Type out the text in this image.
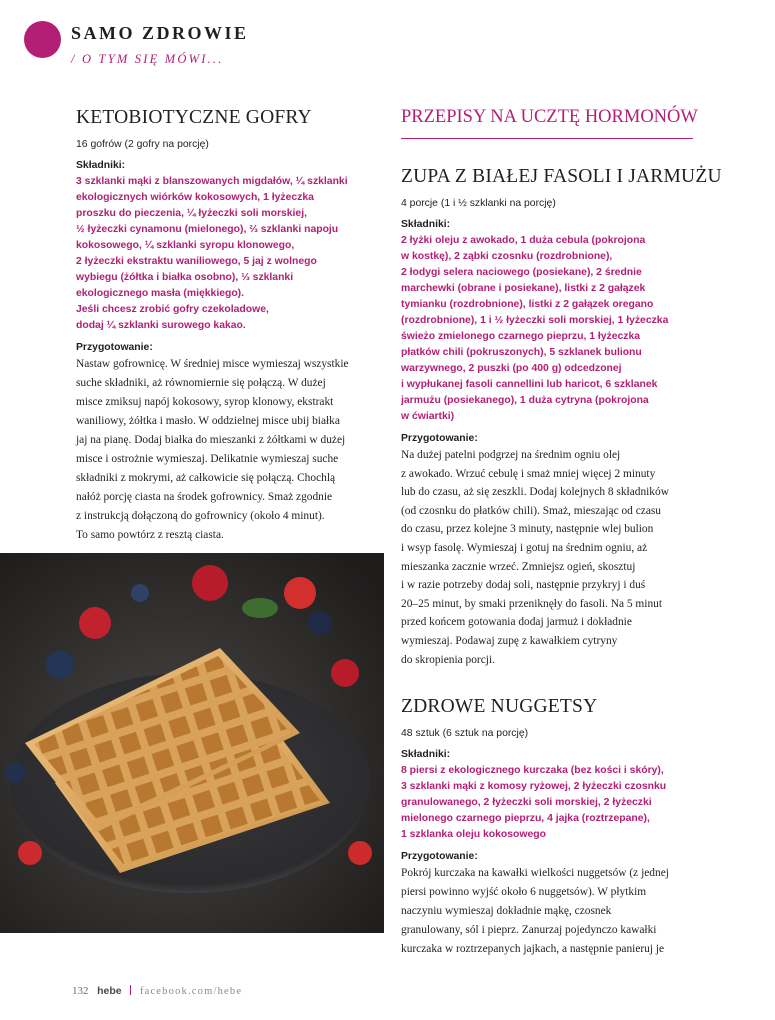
SAMO ZDROWIE
/ O TYM SIĘ MÓWI...
KETOBIOTYCZNE GOFRY
16 gofrów (2 gofry na porcję)
Składniki:
3 szklanki mąki z blanszowanych migdałów, ¼ szklanki
ekologicznych wiórków kokosowych, 1 łyżeczka
proszku do pieczenia, ¼ łyżeczki soli morskiej,
½ łyżeczki cynamonu (mielonego), ⅔ szklanki napoju
kokosowego, ¼ szklanki syropu klonowego,
2 łyżeczki ekstraktu waniliowego, 5 jaj z wolnego
wybiegu (żółtka i białka osobno), ⅓ szklanki
ekologicznego masła (miękkiego).
Jeśli chcesz zrobić gofry czekoladowe,
dodaj ¼ szklanki surowego kakao.
Przygotowanie:

Nastaw gofrownicę. W średniej misce wymieszaj wszystkie

suche składniki, aż równomiernie się połączą. W dużej

misce zmiksuj napój kokosowy, syrop klonowy, ekstrakt

waniliowy, żółtka i masło. W oddzielnej misce ubij białka

jaj na pianę. Dodaj białka do mieszanki z żółtkami w dużej

misce i ostrożnie wymieszaj. Delikatnie wymieszaj suche

składniki z mokrymi, aż całkowicie się połączą. Chochlą

nałóż porcję ciasta na środek gofrownicy. Smaż zgodnie

z instrukcją dołączoną do gofrownicy (około 4 minut).

To samo powtórz z resztą ciasta.

PRZEPISY NA UCZTĘ HORMONÓW
ZUPA Z BIAŁEJ FASOLI I JARMUŻU
4 porcje (1 i ½ szklanki na porcję)
Składniki:
2 łyżki oleju z awokado, 1 duża cebula (pokrojona
w kostkę), 2 ząbki czosnku (rozdrobnione),
2 łodygi selera naciowego (posiekane), 2 średnie
marchewki (obrane i posiekane), listki z 2 gałązek
tymianku (rozdrobnione), listki z 2 gałązek oregano
(rozdrobnione), 1 i ½ łyżeczki soli morskiej, 1 łyżeczka
świeżo zmielonego czarnego pieprzu, 1 łyżeczka
płatków chili (pokruszonych), 5 szklanek bulionu
warzywnego, 2 puszki (po 400 g) odcedzonej
i wypłukanej fasoli cannellini lub haricot, 6 szklanek
jarmużu (posiekanego), 1 duża cytryna (pokrojona
w ćwiartki)
Przygotowanie:

Na dużej patelni podgrzej na średnim ogniu olej

z awokado. Wrzuć cebulę i smaż mniej więcej 2 minuty

lub do czasu, aż się zeszkli. Dodaj kolejnych 8 składników

(od czosnku do płatków chili). Smaż, mieszając od czasu

do czasu, przez kolejne 3 minuty, następnie wlej bulion

i wsyp fasolę. Wymieszaj i gotuj na średnim ogniu, aż

mieszanka zacznie wrzeć. Zmniejsz ogień, skosztuj

i w razie potrzeby dodaj soli, następnie przykryj i duś

20–25 minut, by smaki przeniknęły do fasoli. Na 5 minut

przed końcem gotowania dodaj jarmuż i dokładnie

wymieszaj. Podawaj zupę z kawałkiem cytryny

do skropienia porcji.

ZDROWE NUGGETSY
48 sztuk (6 sztuk na porcję)
Składniki:
8 piersi z ekologicznego kurczaka (bez kości i skóry),
3 szklanki mąki z komosy ryżowej, 2 łyżeczki czosnku
granulowanego, 2 łyżeczki soli morskiej, 2 łyżeczki
mielonego czarnego pieprzu, 4 jajka (roztrzepane),
1 szklanka oleju kokosowego
Przygotowanie:

Pokrój kurczaka na kawałki wielkości nuggetsów (z jednej

piersi powinno wyjść około 6 nuggetsów). W płytkim

naczyniu wymieszaj dokładnie mąkę, czosnek

granulowany, sól i pieprz. Zanurzaj pojedynczo kawałki

kurczaka w roztrzepanych jajkach, a następnie panieruj je

132 hebe facebook.com/hebe
